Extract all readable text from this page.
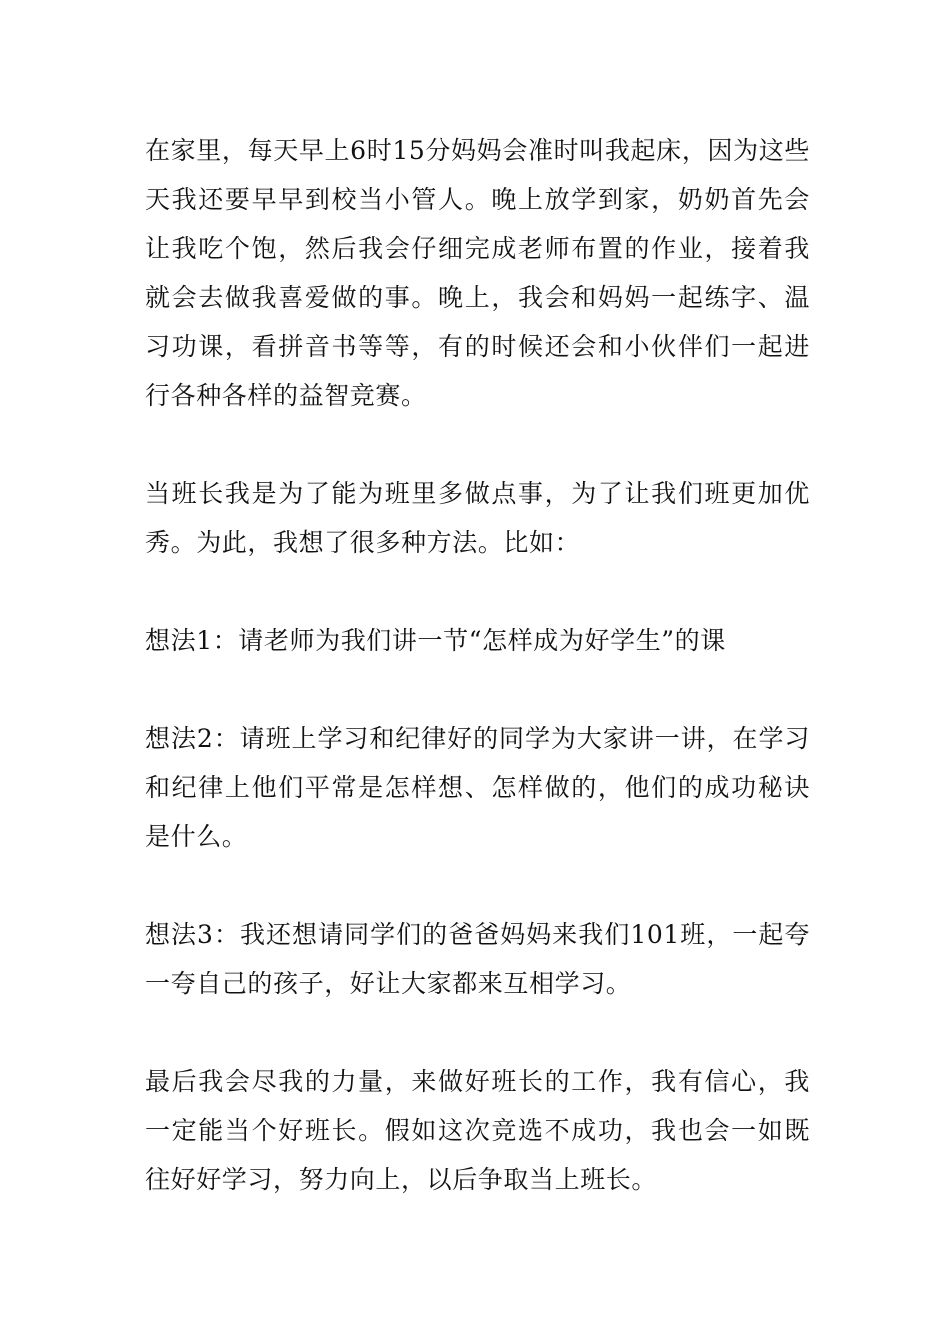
在家里，每天早上6时15分妈妈会准时叫我起床，因为这些天我还要早早到校当小管人。晚上放学到家，奶奶首先会让我吃个饱，然后我会仔细完成老师布置的作业，接着我就会去做我喜爱做的事。晚上，我会和妈妈一起练字、温习功课，看拼音书等等，有的时候还会和小伙伴们一起进行各种各样的益智竞赛。

当班长我是为了能为班里多做点事，为了让我们班更加优秀。为此，我想了很多种方法。比如：

想法1：请老师为我们讲一节“怎样成为好学生”的课

想法2：请班上学习和纪律好的同学为大家讲一讲，在学习和纪律上他们平常是怎样想、怎样做的，他们的成功秘诀是什么。

想法3：我还想请同学们的爸爸妈妈来我们101班，一起夸一夸自己的孩子，好让大家都来互相学习。

最后我会尽我的力量，来做好班长的工作，我有信心，我一定能当个好班长。假如这次竞选不成功，我也会一如既往好好学习，努力向上，以后争取当上班长。
